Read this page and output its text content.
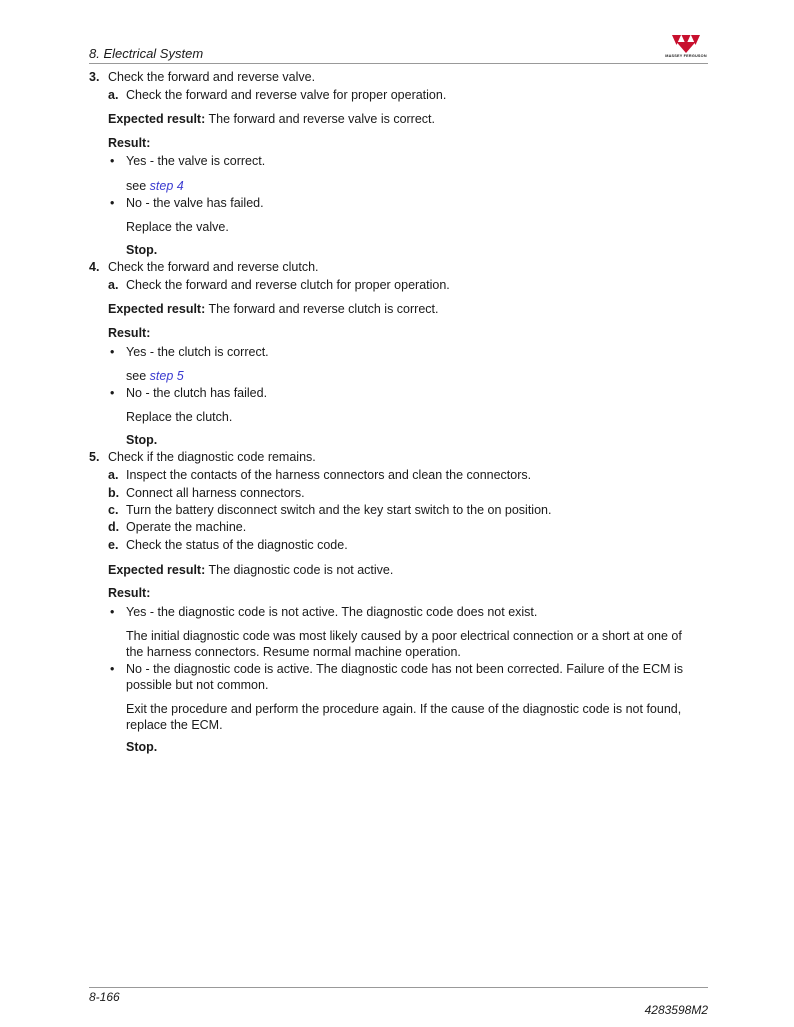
8. Electrical System	MASSEY FERGUSON
3. Check the forward and reverse valve.
a. Check the forward and reverse valve for proper operation.
Expected result: The forward and reverse valve is correct.
Result:
• Yes - the valve is correct.
see step 4
• No - the valve has failed.
Replace the valve.
Stop.
4. Check the forward and reverse clutch.
a. Check the forward and reverse clutch for proper operation.
Expected result: The forward and reverse clutch is correct.
Result:
• Yes - the clutch is correct.
see step 5
• No - the clutch has failed.
Replace the clutch.
Stop.
5. Check if the diagnostic code remains.
a. Inspect the contacts of the harness connectors and clean the connectors.
b. Connect all harness connectors.
c. Turn the battery disconnect switch and the key start switch to the on position.
d. Operate the machine.
e. Check the status of the diagnostic code.
Expected result: The diagnostic code is not active.
Result:
• Yes - the diagnostic code is not active. The diagnostic code does not exist.
The initial diagnostic code was most likely caused by a poor electrical connection or a short at one of
the harness connectors. Resume normal machine operation.
• No - the diagnostic code is active. The diagnostic code has not been corrected. Failure of the ECM is
possible but not common.
Exit the procedure and perform the procedure again. If the cause of the diagnostic code is not found,
replace the ECM.
Stop.
8-166
4283598M2
